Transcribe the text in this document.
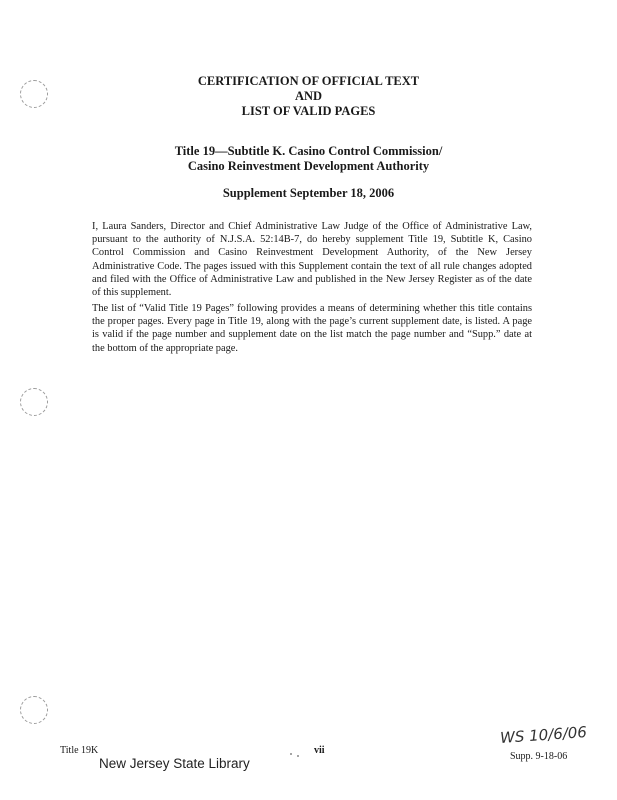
CERTIFICATION OF OFFICIAL TEXT
AND
LIST OF VALID PAGES
Title 19—Subtitle K. Casino Control Commission/
Casino Reinvestment Development Authority
Supplement September 18, 2006
I, Laura Sanders, Director and Chief Administrative Law Judge of the Office of Administrative Law, pursuant to the authority of N.J.S.A. 52:14B-7, do hereby supplement Title 19, Subtitle K, Casino Control Commission and Casino Reinvestment Development Authority, of the New Jersey Administrative Code. The pages issued with this Supplement contain the text of all rule changes adopted and filed with the Office of Administrative Law and published in the New Jersey Register as of the date of this supplement.
The list of “Valid Title 19 Pages” following provides a means of determining whether this title contains the proper pages. Every page in Title 19, along with the page’s current supplement date, is listed. A page is valid if the page number and supplement date on the list match the page number and “Supp.” date at the bottom of the appropriate page.
WS 10/6/06
Title 19K	vii
Supp. 9-18-06
New Jersey State Library
